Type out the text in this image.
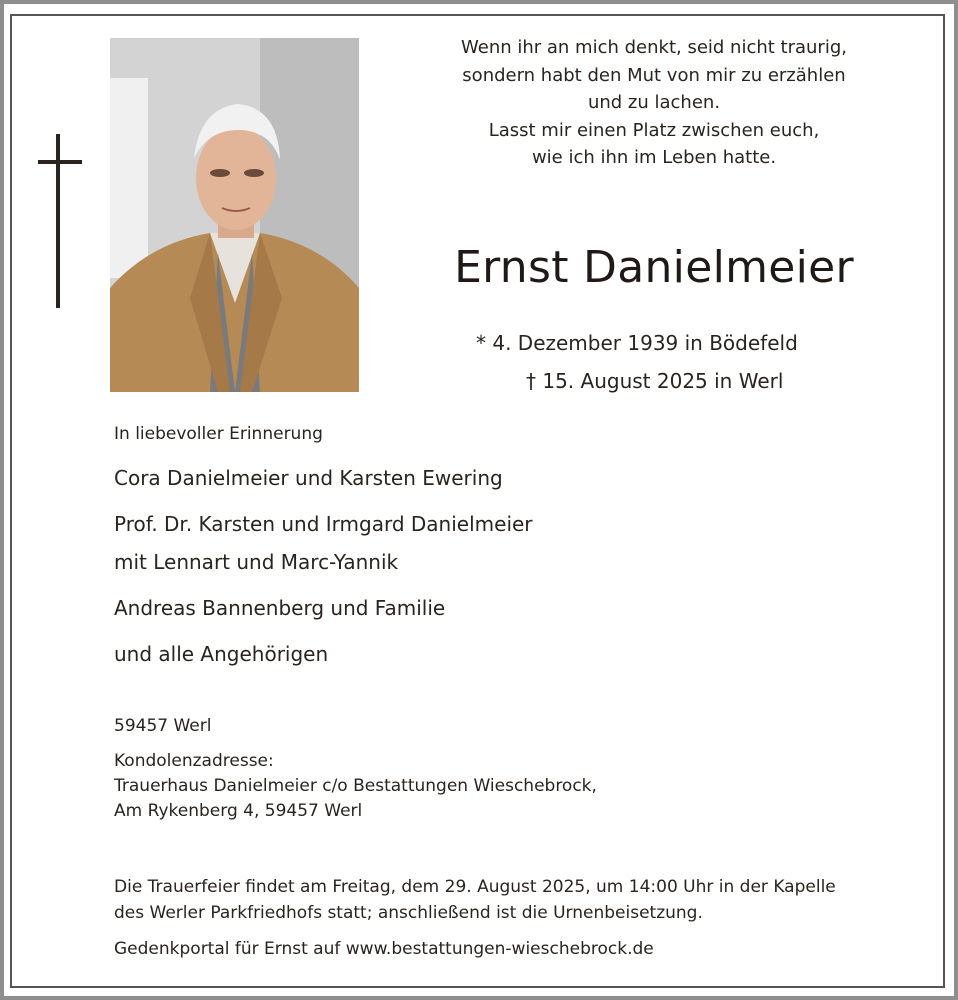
Wenn ihr an mich denkt, seid nicht traurig,
sondern habt den Mut von mir zu erzählen
und zu lachen.
Lasst mir einen Platz zwischen euch,
wie ich ihn im Leben hatte.
Ernst Danielmeier
* 4. Dezember 1939 in Bödefeld
† 15. August 2025 in Werl
In liebevoller Erinnerung
Cora Danielmeier und Karsten Ewering
Prof. Dr. Karsten und Irmgard Danielmeier
mit Lennart und Marc-Yannik
Andreas Bannenberg und Familie
und alle Angehörigen
59457 Werl
Kondolenzadresse:
Trauerhaus Danielmeier c/o Bestattungen Wieschebrock,
Am Rykenberg 4, 59457 Werl
Die Trauerfeier findet am Freitag, dem 29. August 2025, um 14:00 Uhr in der Kapelle
des Werler Parkfriedhofs statt; anschließend ist die Urnenbeisetzung.
Gedenkportal für Ernst auf www.bestattungen-wieschebrock.de
